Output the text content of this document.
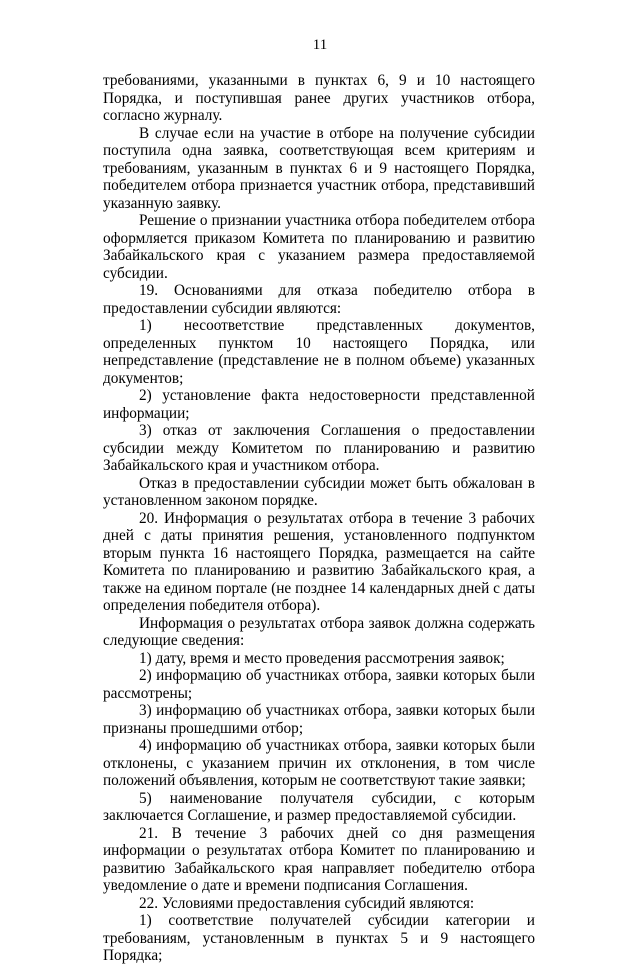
11

требованиями, указанными в пунктах 6, 9 и 10 настоящего Порядка, и поступившая ранее других участников отбора, согласно журналу.

В случае если на участие в отборе на получение субсидии поступила одна заявка, соответствующая всем критериям и требованиям, указанным в пунктах 6 и 9 настоящего Порядка, победителем отбора признается участник отбора, представивший указанную заявку.

Решение о признании участника отбора победителем отбора оформляется приказом Комитета по планированию и развитию Забайкальского края с указанием размера предоставляемой субсидии.

19. Основаниями для отказа победителю отбора в предоставлении субсидии являются:

1) несоответствие представленных документов, определенных пунктом 10 настоящего Порядка, или непредставление (представление не в полном объеме) указанных документов;

2) установление факта недостоверности представленной информации;

3) отказ от заключения Соглашения о предоставлении субсидии между Комитетом по планированию и развитию Забайкальского края и участником отбора.

Отказ в предоставлении субсидии может быть обжалован в установленном законом порядке.

20. Информация о результатах отбора в течение 3 рабочих дней с даты принятия решения, установленного подпунктом вторым пункта 16 настоящего Порядка, размещается на сайте Комитета по планированию и развитию Забайкальского края, а также на едином портале (не позднее 14 календарных дней с даты определения победителя отбора).

Информация о результатах отбора заявок должна содержать следующие сведения:

1) дату, время и место проведения рассмотрения заявок;

2) информацию об участниках отбора, заявки которых были рассмотрены;

3) информацию об участниках отбора, заявки которых были признаны прошедшими отбор;

4) информацию об участниках отбора, заявки которых были отклонены, с указанием причин их отклонения, в том числе положений объявления, которым не соответствуют такие заявки;

5) наименование получателя субсидии, с которым заключается Соглашение, и размер предоставляемой субсидии.

21. В течение 3 рабочих дней со дня размещения информации о результатах отбора Комитет по планированию и развитию Забайкальского края направляет победителю отбора уведомление о дате и времени подписания Соглашения.

22. Условиями предоставления субсидий являются:

1) соответствие получателей субсидии категории и требованиям, установленным в пунктах 5 и 9 настоящего Порядка;
